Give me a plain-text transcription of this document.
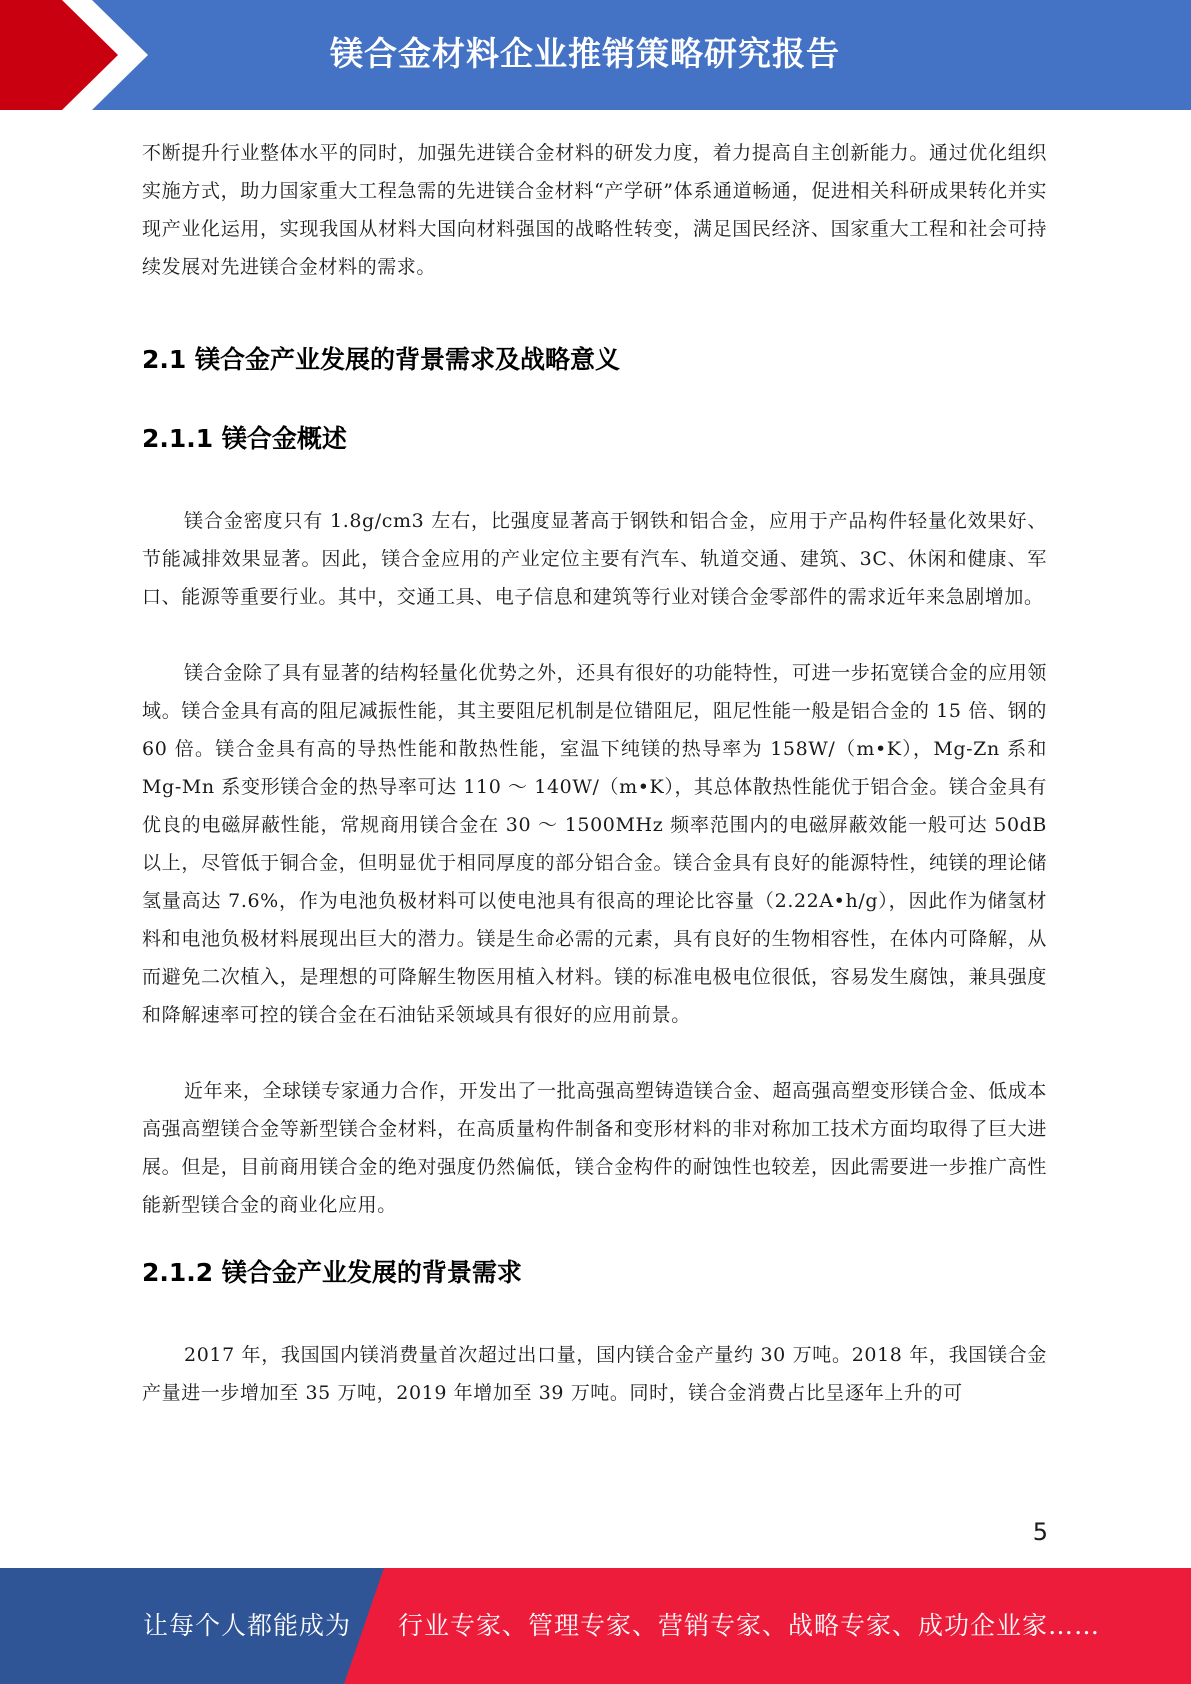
镁合金材料企业推销策略研究报告

不断提升行业整体水平的同时，加强先进镁合金材料的研发力度，着力提高自主创新能力。通过优化组织实施方式，助力国家重大工程急需的先进镁合金材料“产学研”体系通道畅通，促进相关科研成果转化并实现产业化运用，实现我国从材料大国向材料强国的战略性转变，满足国民经济、国家重大工程和社会可持续发展对先进镁合金材料的需求。

2.1 镁合金产业发展的背景需求及战略意义
2.1.1 镁合金概述

镁合金密度只有 1.8g/cm3 左右，比强度显著高于钢铁和铝合金，应用于产品构件轻量化效果好、节能减排效果显著。因此，镁合金应用的产业定位主要有汽车、轨道交通、建筑、3C、休闲和健康、军口、能源等重要行业。其中，交通工具、电子信息和建筑等行业对镁合金零部件的需求近年来急剧增加。

镁合金除了具有显著的结构轻量化优势之外，还具有很好的功能特性，可进一步拓宽镁合金的应用领域。镁合金具有高的阻尼减振性能，其主要阻尼机制是位错阻尼，阻尼性能一般是铝合金的 15 倍、钢的 60 倍。镁合金具有高的导热性能和散热性能，室温下纯镁的热导率为 158W/（m•K），Mg-Zn 系和 Mg-Mn 系变形镁合金的热导率可达 110 ～ 140W/（m•K），其总体散热性能优于铝合金。镁合金具有优良的电磁屏蔽性能，常规商用镁合金在 30 ～ 1500MHz 频率范围内的电磁屏蔽效能一般可达 50dB 以上，尽管低于铜合金，但明显优于相同厚度的部分铝合金。镁合金具有良好的能源特性，纯镁的理论储氢量高达 7.6%，作为电池负极材料可以使电池具有很高的理论比容量（2.22A•h/g），因此作为储氢材料和电池负极材料展现出巨大的潜力。镁是生命必需的元素，具有良好的生物相容性，在体内可降解，从而避免二次植入，是理想的可降解生物医用植入材料。镁的标准电极电位很低，容易发生腐蚀，兼具强度和降解速率可控的镁合金在石油钻采领域具有很好的应用前景。

近年来，全球镁专家通力合作，开发出了一批高强高塑铸造镁合金、超高强高塑变形镁合金、低成本高强高塑镁合金等新型镁合金材料，在高质量构件制备和变形材料的非对称加工技术方面均取得了巨大进展。但是，目前商用镁合金的绝对强度仍然偏低，镁合金构件的耐蚀性也较差，因此需要进一步推广高性能新型镁合金的商业化应用。

2.1.2 镁合金产业发展的背景需求

2017 年，我国国内镁消费量首次超过出口量，国内镁合金产量约 30 万吨。2018 年，我国镁合金产量进一步增加至 35 万吨，2019 年增加至 39 万吨。同时，镁合金消费占比呈逐年上升的可

5
让每个人都能成为 行业专家、管理专家、营销专家、战略专家、成功企业家……
